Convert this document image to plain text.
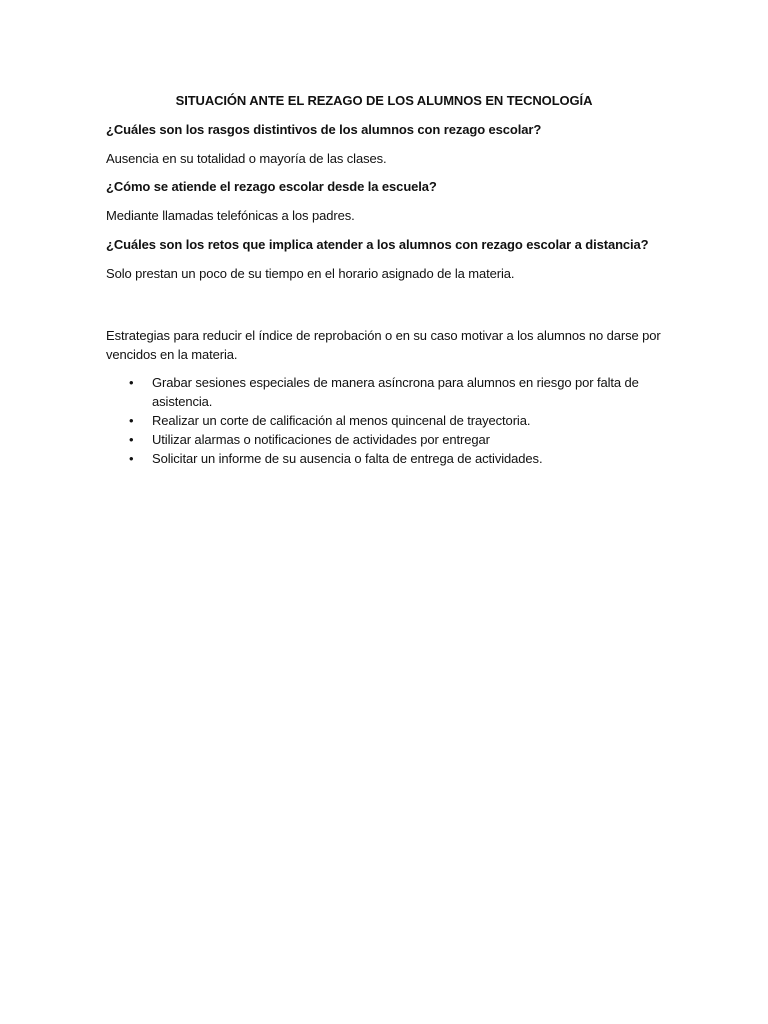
SITUACIÓN ANTE EL REZAGO DE LOS ALUMNOS EN TECNOLOGÍA
¿Cuáles son los rasgos distintivos de los alumnos con rezago escolar?
Ausencia en su totalidad o mayoría de las clases.
¿Cómo se atiende el rezago escolar desde la escuela?
Mediante llamadas telefónicas a los padres.
¿Cuáles son los retos que implica atender a los alumnos con rezago escolar a distancia?
Solo prestan un poco de su tiempo en el horario asignado de la materia.
Estrategias para reducir el índice de reprobación o en su caso motivar a los alumnos no darse por vencidos en la materia.
• Grabar sesiones especiales de manera asíncrona para alumnos en riesgo por falta de asistencia.
• Realizar un corte de calificación al menos quincenal de trayectoria.
• Utilizar alarmas o notificaciones de actividades por entregar
• Solicitar un informe de su ausencia o falta de entrega de actividades.
